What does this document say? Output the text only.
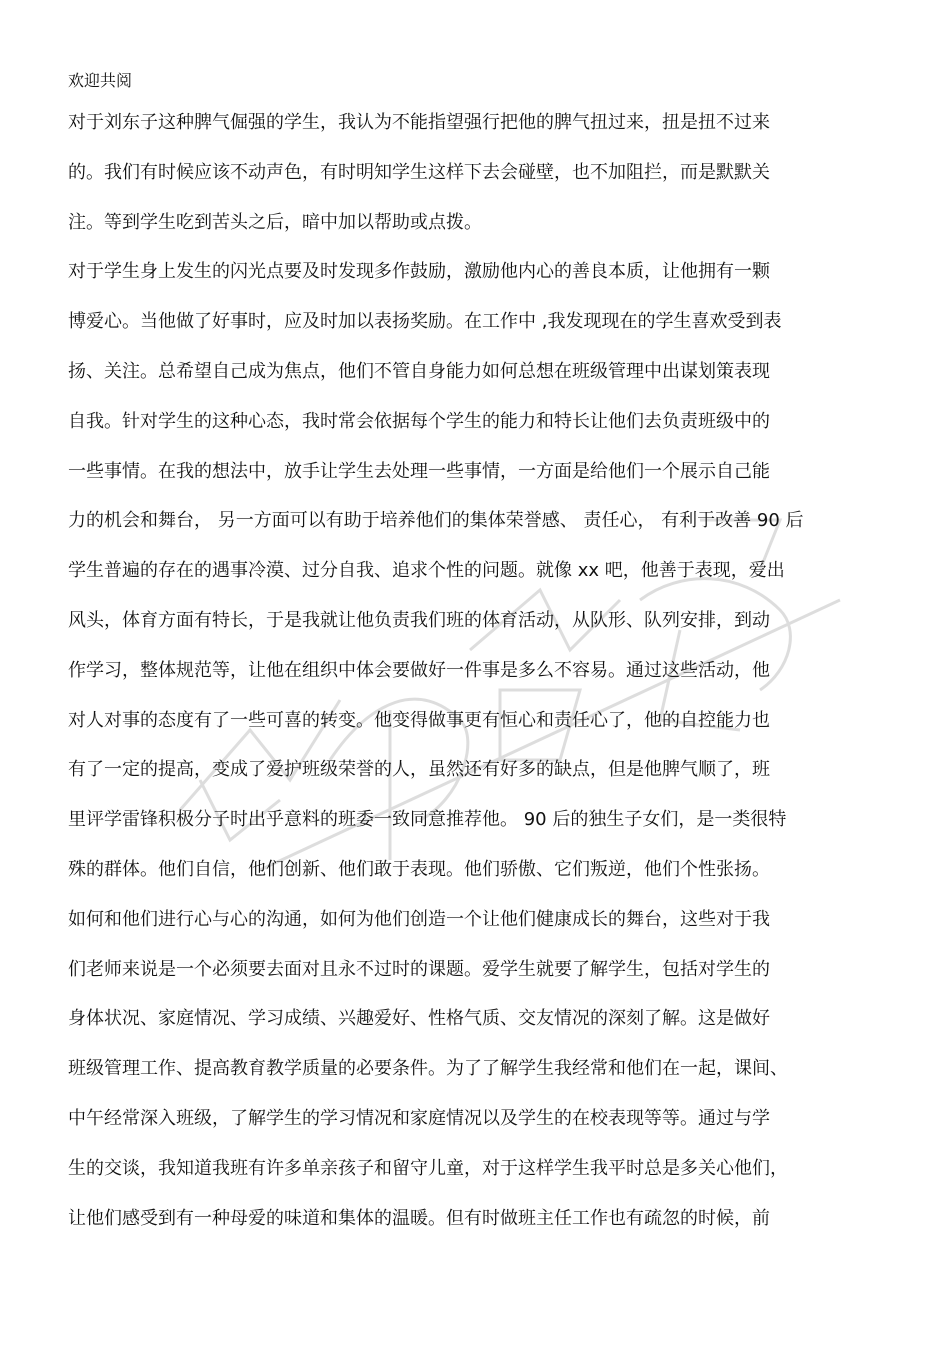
欢迎共阅
对于刘东子这种脾气倔强的学生，我认为不能指望强行把他的脾气扭过来，扭是扭不过来
的。我们有时候应该不动声色，有时明知学生这样下去会碰壁，也不加阻拦，而是默默关
注。等到学生吃到苦头之后，暗中加以帮助或点拨。
对于学生身上发生的闪光点要及时发现多作鼓励，激励他内心的善良本质，让他拥有一颗
博爱心。当他做了好事时，应及时加以表扬奖励。在工作中 ,我发现现在的学生喜欢受到表
扬、关注。总希望自己成为焦点，他们不管自身能力如何总想在班级管理中出谋划策表现
自我。针对学生的这种心态，我时常会依据每个学生的能力和特长让他们去负责班级中的
一些事情。在我的想法中，放手让学生去处理一些事情，一方面是给他们一个展示自己能
力的机会和舞台， 另一方面可以有助于培养他们的集体荣誉感、 责任心， 有利于改善 90 后
学生普遍的存在的遇事冷漠、过分自我、追求个性的问题。就像 xx 吧，他善于表现，爱出
风头，体育方面有特长，于是我就让他负责我们班的体育活动，从队形、队列安排，到动
作学习，整体规范等，让他在组织中体会要做好一件事是多么不容易。通过这些活动，他
对人对事的态度有了一些可喜的转变。他变得做事更有恒心和责任心了，他的自控能力也
有了一定的提高，变成了爱护班级荣誉的人，虽然还有好多的缺点，但是他脾气顺了，班
里评学雷锋积极分子时出乎意料的班委一致同意推荐他。 90 后的独生子女们，是一类很特
殊的群体。他们自信，他们创新、他们敢于表现。他们骄傲、它们叛逆，他们个性张扬。
如何和他们进行心与心的沟通，如何为他们创造一个让他们健康成长的舞台，这些对于我
们老师来说是一个必须要去面对且永不过时的课题。爱学生就要了解学生，包括对学生的
身体状况、家庭情况、学习成绩、兴趣爱好、性格气质、交友情况的深刻了解。这是做好
班级管理工作、提高教育教学质量的必要条件。为了了解学生我经常和他们在一起，课间、
中午经常深入班级，了解学生的学习情况和家庭情况以及学生的在校表现等等。通过与学
生的交谈，我知道我班有许多单亲孩子和留守儿童，对于这样学生我平时总是多关心他们，
让他们感受到有一种母爱的味道和集体的温暖。但有时做班主任工作也有疏忽的时候，前
